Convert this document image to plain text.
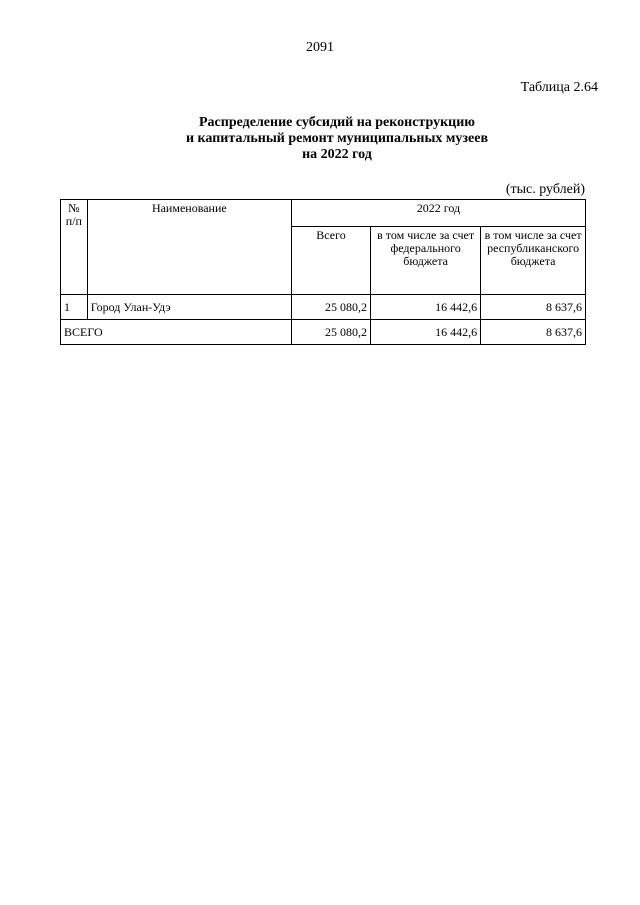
2091
Таблица 2.64
Распределение субсидий на реконструкцию
и капитальный ремонт муниципальных музеев
на 2022 год
(тыс. рублей)
№ п/п	Наименование	2022 год		
		Всего	в том числе за счет федерального бюджета	в том числе за счет республиканского бюджета
1	Город Улан-Удэ	25 080,2	16 442,6	8 637,6
ВСЕГО		25 080,2	16 442,6	8 637,6
